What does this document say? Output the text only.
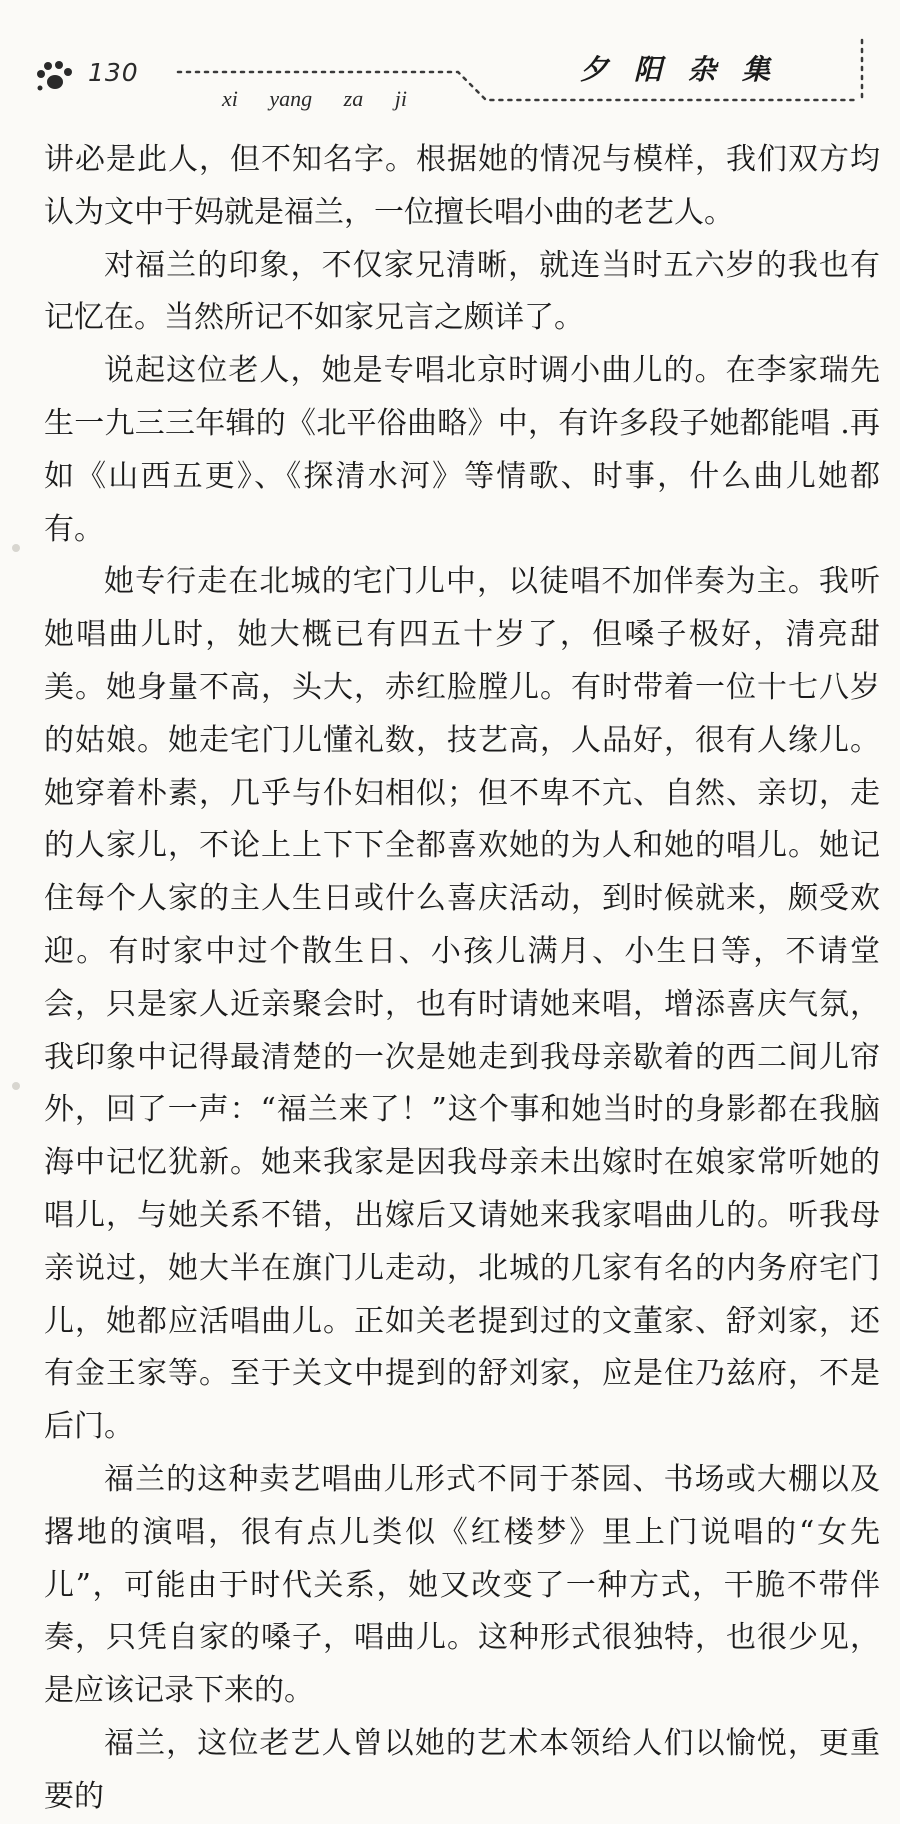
130
xi yang za ji
夕阳杂集

讲必是此人，但不知名字。根据她的情况与模样，我们双方均认为文中于妈就是福兰，一位擅长唱小曲的老艺人。

对福兰的印象，不仅家兄清晰，就连当时五六岁的我也有记忆在。当然所记不如家兄言之颇详了。

说起这位老人，她是专唱北京时调小曲儿的。在李家瑞先生一九三三年辑的《北平俗曲略》中，有许多段子她都能唱 .再如《山西五更》、《探清水河》等情歌、时事，什么曲儿她都有。

她专行走在北城的宅门儿中，以徒唱不加伴奏为主。我听她唱曲儿时，她大概已有四五十岁了，但嗓子极好，清亮甜美。她身量不高，头大，赤红脸膛儿。有时带着一位十七八岁的姑娘。她走宅门儿懂礼数，技艺高，人品好，很有人缘儿。她穿着朴素，几乎与仆妇相似；但不卑不亢、自然、亲切，走的人家儿，不论上上下下全都喜欢她的为人和她的唱儿。她记住每个人家的主人生日或什么喜庆活动，到时候就来，颇受欢迎。有时家中过个散生日、小孩儿满月、小生日等，不请堂会，只是家人近亲聚会时，也有时请她来唱，增添喜庆气氛，我印象中记得最清楚的一次是她走到我母亲歇着的西二间儿帘外，回了一声：“福兰来了！”这个事和她当时的身影都在我脑海中记忆犹新。她来我家是因我母亲未出嫁时在娘家常听她的唱儿，与她关系不错，出嫁后又请她来我家唱曲儿的。听我母亲说过，她大半在旗门儿走动，北城的几家有名的内务府宅门儿，她都应活唱曲儿。正如关老提到过的文董家、舒刘家，还有金王家等。至于关文中提到的舒刘家，应是住乃兹府，不是后门。

福兰的这种卖艺唱曲儿形式不同于茶园、书场或大棚以及撂地的演唱，很有点儿类似《红楼梦》里上门说唱的“女先儿”，可能由于时代关系，她又改变了一种方式，干脆不带伴奏，只凭自家的嗓子，唱曲儿。这种形式很独特，也很少见，是应该记录下来的。

福兰，这位老艺人曾以她的艺术本领给人们以愉悦，更重要的
